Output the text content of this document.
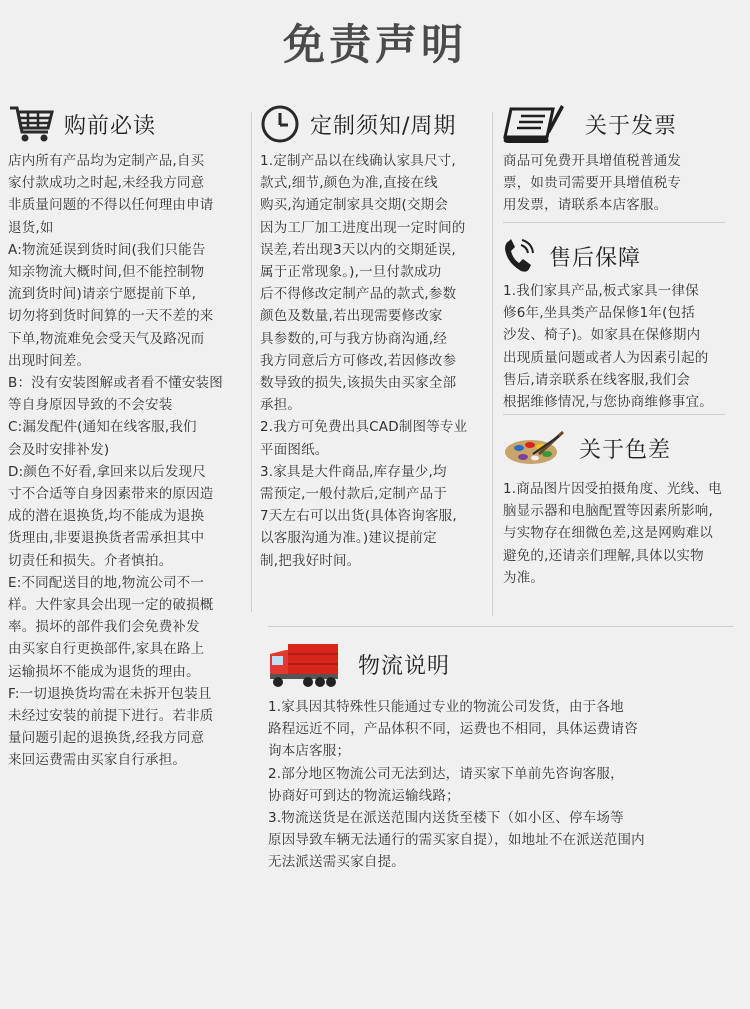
免责声明
购前必读

店内所有产品均为定制产品,自买

家付款成功之时起,未经我方同意

非质量问题的不得以任何理由申请

退货,如

A:物流延误到货时间(我们只能告

知亲物流大概时间,但不能控制物

流到货时间)请亲宁愿提前下单,

切勿将到货时间算的一天不差的来

下单,物流难免会受天气及路况而

出现时间差。

B：没有安装图解或者看不懂安装图

等自身原因导致的不会安装

C:漏发配件(通知在线客服,我们

会及时安排补发)

D:颜色不好看,拿回来以后发现尺

寸不合适等自身因素带来的原因造

成的潜在退换货,均不能成为退换

货理由,非要退换货者需承担其中

切责任和损失。介者慎拍。

E:不同配送目的地,物流公司不一

样。大件家具会出现一定的破损概

率。损坏的部件我们会免费补发

由买家自行更换部件,家具在路上

运输损坏不能成为退货的理由。

F:一切退换货均需在未拆开包装且

未经过安装的前提下进行。若非质

量问题引起的退换货,经我方同意

来回运费需由买家自行承担。

定制须知/周期

1.定制产品以在线确认家具尺寸,

款式,细节,颜色为准,直接在线

购买,沟通定制家具交期(交期会

因为工厂加工进度出现一定时间的

误差,若出现3天以内的交期延误,

属于正常现象。),一旦付款成功

后不得修改定制产品的款式,参数

颜色及数量,若出现需要修改家

具参数的,可与我方协商沟通,经

我方同意后方可修改,若因修改参

数导致的损失,该损失由买家全部

承担。

2.我方可免费出具CAD制图等专业

平面图纸。

3.家具是大件商品,库存量少,均

需预定,一般付款后,定制产品于

7天左右可以出货(具体咨询客服,

以客服沟通为准。)建议提前定

制,把我好时间。

关于发票

商品可免费开具增值税普通发

票，如贵司需要开具增值税专

用发票，请联系本店客服。

售后保障

1.我们家具产品,板式家具一律保

修6年,坐具类产品保修1年(包括

沙发、椅子)。如家具在保修期内

出现质量问题或者人为因素引起的

售后,请亲联系在线客服,我们会

根据维修情况,与您协商维修事宜。

关于色差

1.商品图片因受拍摄角度、光线、电

脑显示器和电脑配置等因素所影响,

与实物存在细微色差,这是网购难以

避免的,还请亲们理解,具体以实物

为准。

物流说明

1.家具因其特殊性只能通过专业的物流公司发货，由于各地

路程远近不同，产品体积不同，运费也不相同，具体运费请咨

询本店客服；

2.部分地区物流公司无法到达，请买家下单前先咨询客服，

协商好可到达的物流运输线路；

3.物流送货是在派送范围内送货至楼下（如小区、停车场等

原因导致车辆无法通行的需买家自提），如地址不在派送范围内

无法派送需买家自提。
